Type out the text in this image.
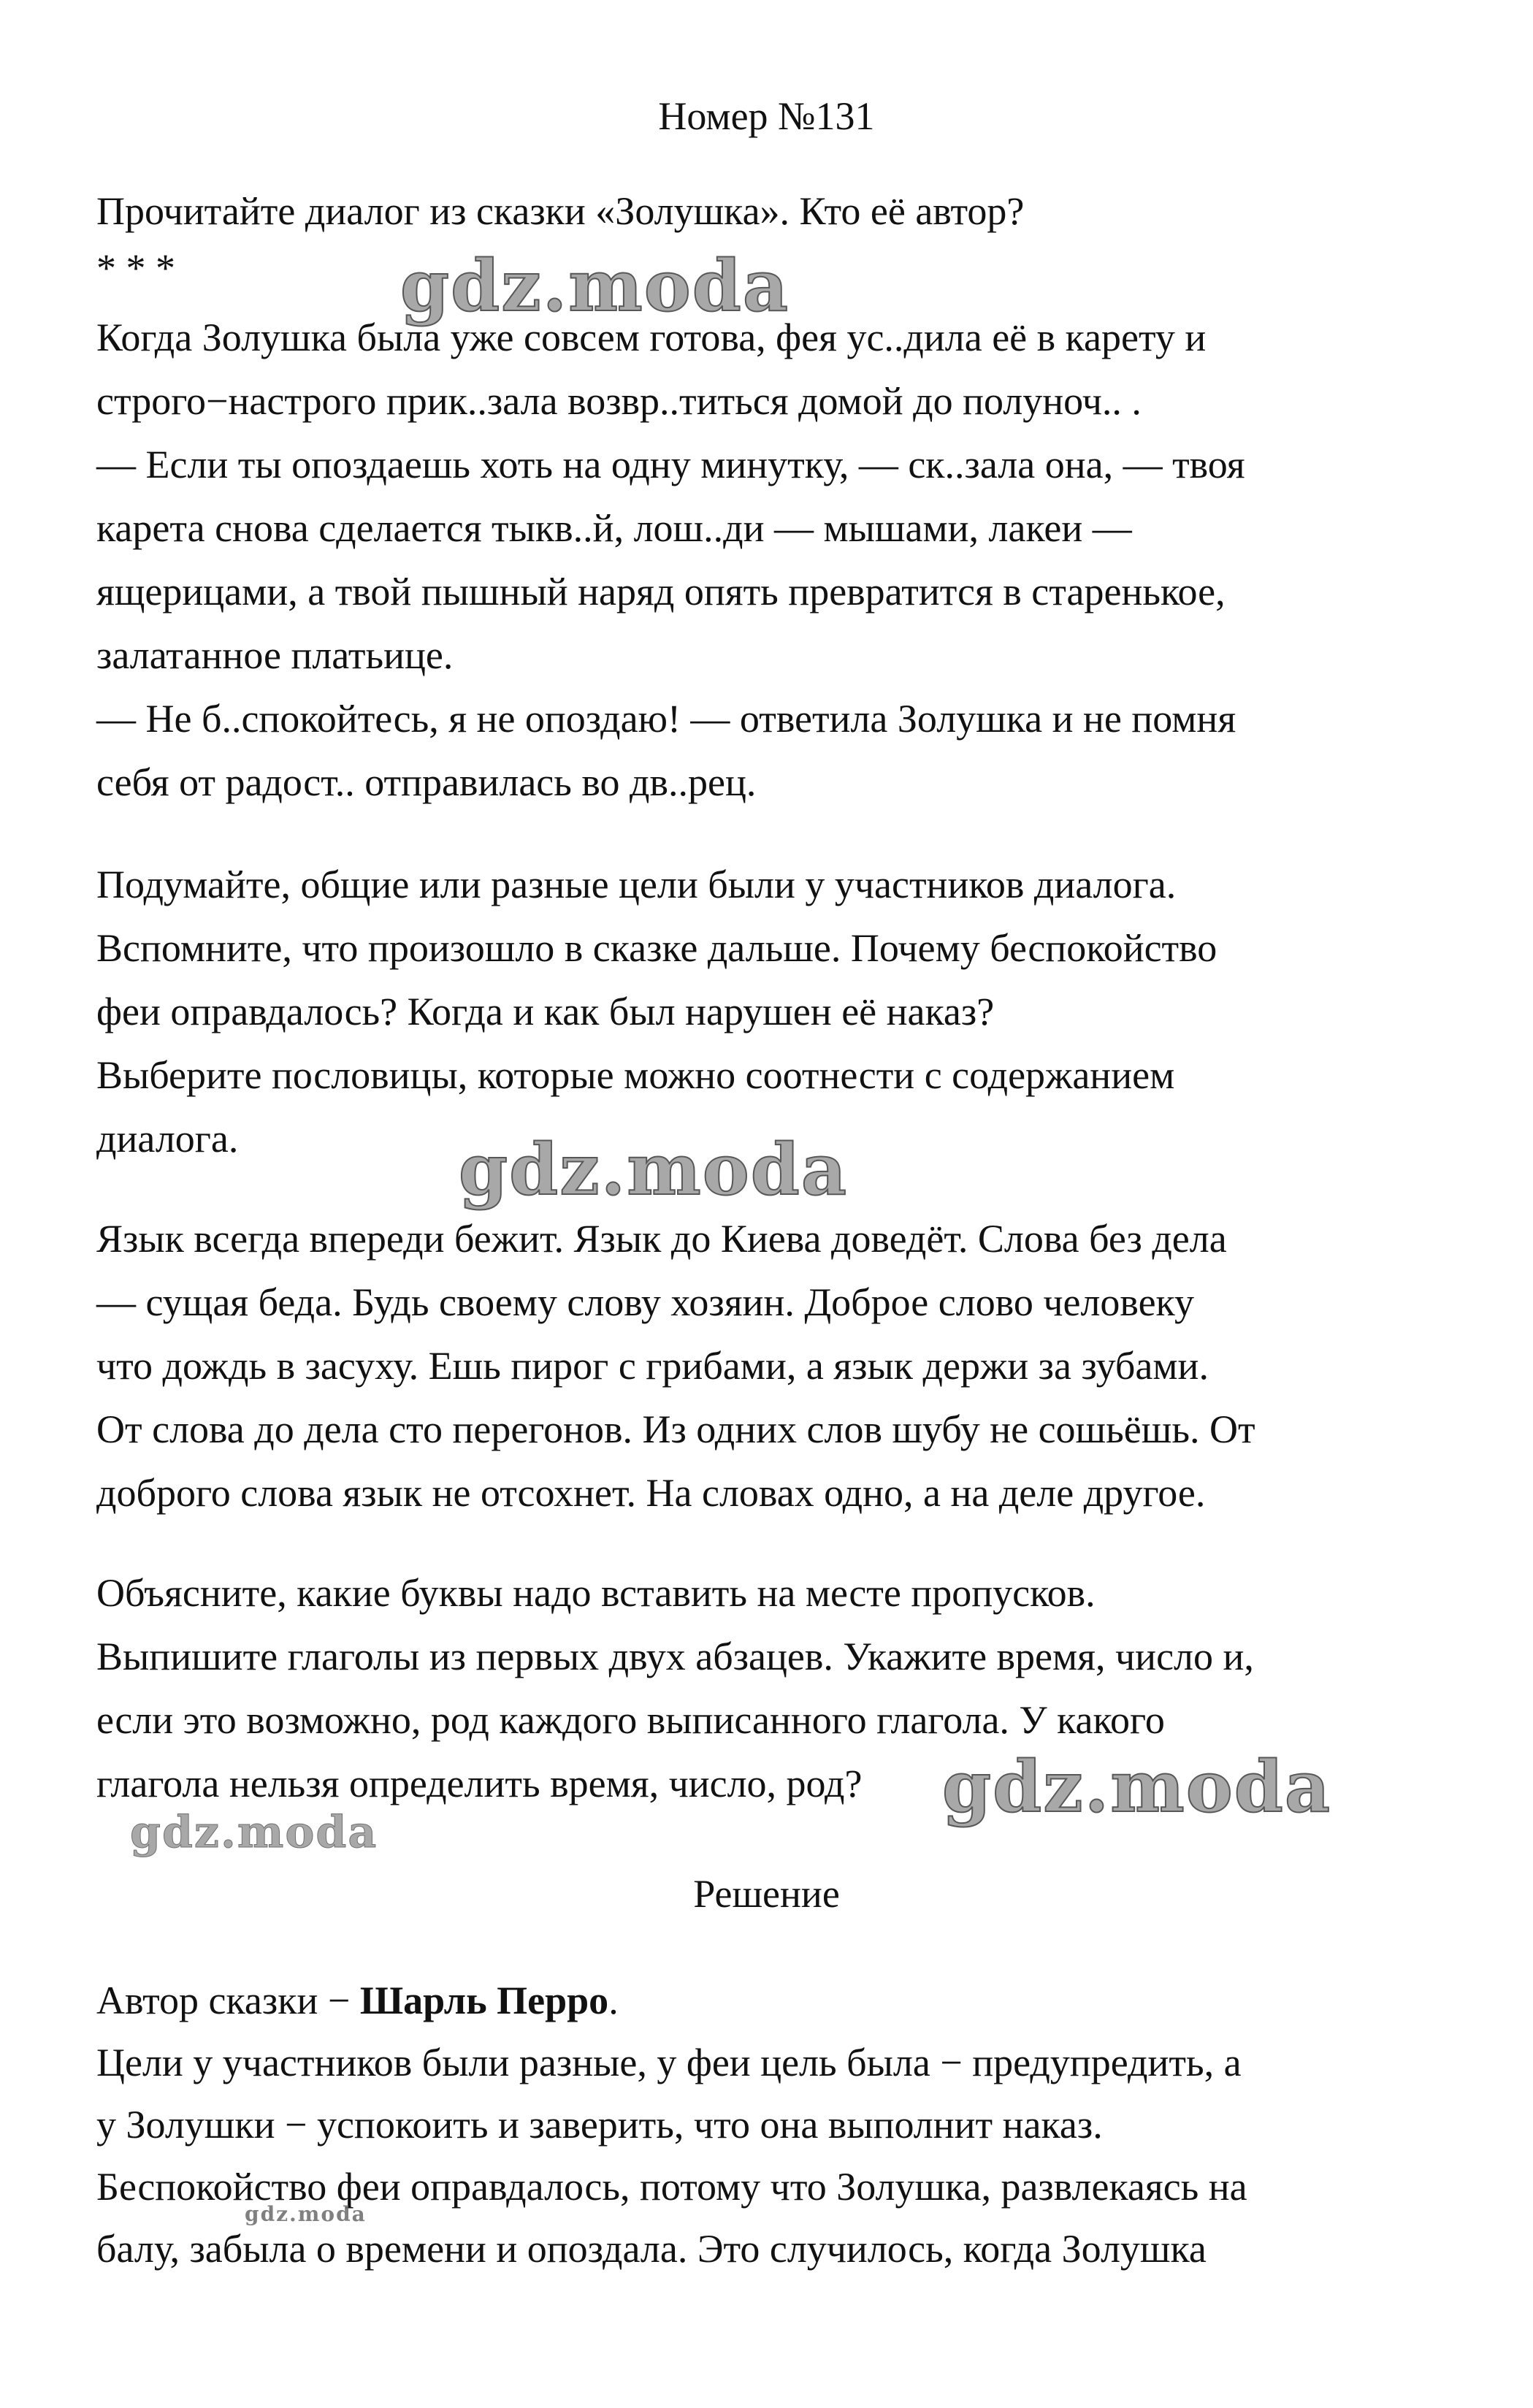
Номер №131

Прочитайте диалог из сказки «Золушка». Кто её автор?

* * *

Когда Золушка была уже совсем готова, фея ус..дила её в карету и

строго−настрого прик..зала возвр..титься домой до полуноч.. .

— Если ты опоздаешь хоть на одну минутку, — ск..зала она, — твоя

карета снова сделается тыкв..й, лош..ди — мышами, лакеи —

ящерицами, а твой пышный наряд опять превратится в старенькое,

залатанное платьице.

— Не б..спокойтесь, я не опоздаю! — ответила Золушка и не помня

себя от радост.. отправилась во дв..рец.

Подумайте, общие или разные цели были у участников диалога.

Вспомните, что произошло в сказке дальше. Почему беспокойство

феи оправдалось? Когда и как был нарушен её наказ?

Выберите пословицы, которые можно соотнести с содержанием

диалога.

Язык всегда впереди бежит. Язык до Киева доведёт. Слова без дела

— сущая беда. Будь своему слову хозяин. Доброе слово человеку

что дождь в засуху. Ешь пирог с грибами, а язык держи за зубами.

От слова до дела сто перегонов. Из одних слов шубу не сошьёшь. От

доброго слова язык не отсохнет. На словах одно, а на деле другое.

Объясните, какие буквы надо вставить на месте пропусков.

Выпишите глаголы из первых двух абзацев. Укажите время, число и,

если это возможно, род каждого выписанного глагола. У какого

глагола нельзя определить время, число, род?

Решение

Автор сказки − Шарль Перро.

Цели у участников были разные, у феи цель была − предупредить, а

у Золушки − успокоить и заверить, что она выполнит наказ.

Беспокойство феи оправдалось, потому что Золушка, развлекаясь на

балу, забыла о времени и опоздала. Это случилось, когда Золушка

gdz.moda

gdz.moda

gdz.moda

gdz.moda

gdz.moda
